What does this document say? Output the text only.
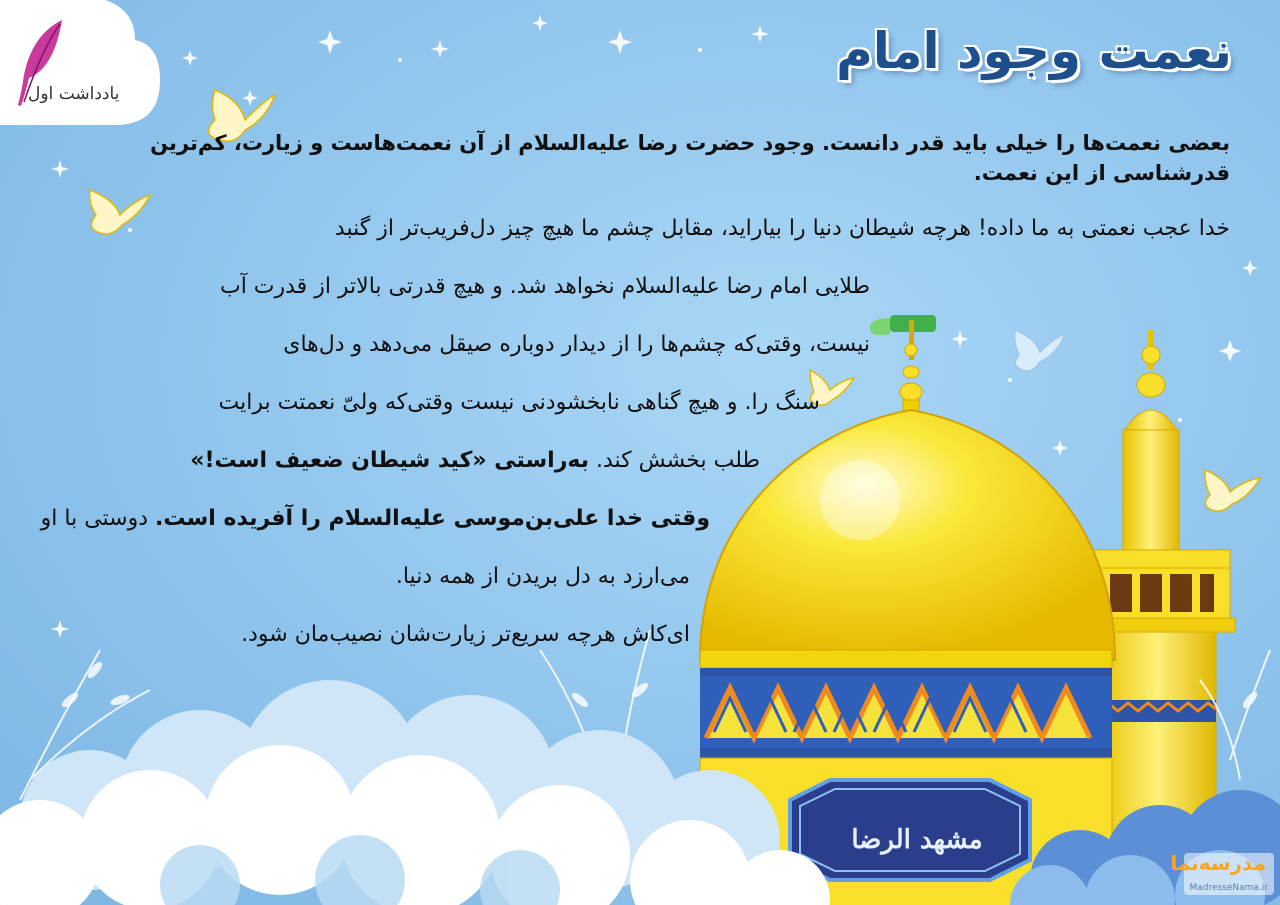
یادداشت اول
نعمت وجود امام

بعضی نعمت‌ها را خیلی باید قدر دانست. وجود حضرت رضا علیه‌السلام از آن نعمت‌هاست و زیارت، کم‌ترین قدرشناسی از این نعمت.

خدا عجب نعمتی به ما داده! هرچه شیطان دنیا را بیاراید، مقابل چشم ما هیچ چیز دل‌فریب‌تر از گنبد
طلایی امام رضا علیه‌السلام نخواهد شد. و هیچ قدرتی بالاتر از قدرت آب
نیست، وقتی‌که چشم‌ها را از دیدار دوباره صیقل می‌دهد و دل‌های
سنگ را. و هیچ گناهی نابخشودنی نیست وقتی‌که ولیّ نعمتت برایت
طلب بخشش کند. به‌راستی «کید شیطان ضعیف است!»
وقتی خدا علی‌بن‌موسی علیه‌السلام را آفریده است. دوستی با او
می‌ارزد به دل بریدن از همه دنیا.
ای‌کاش هرچه سریع‌تر زیارت‌شان نصیب‌مان شود.
مشهد الرضا
مدرسه‌نما
MadresseNama.ir
